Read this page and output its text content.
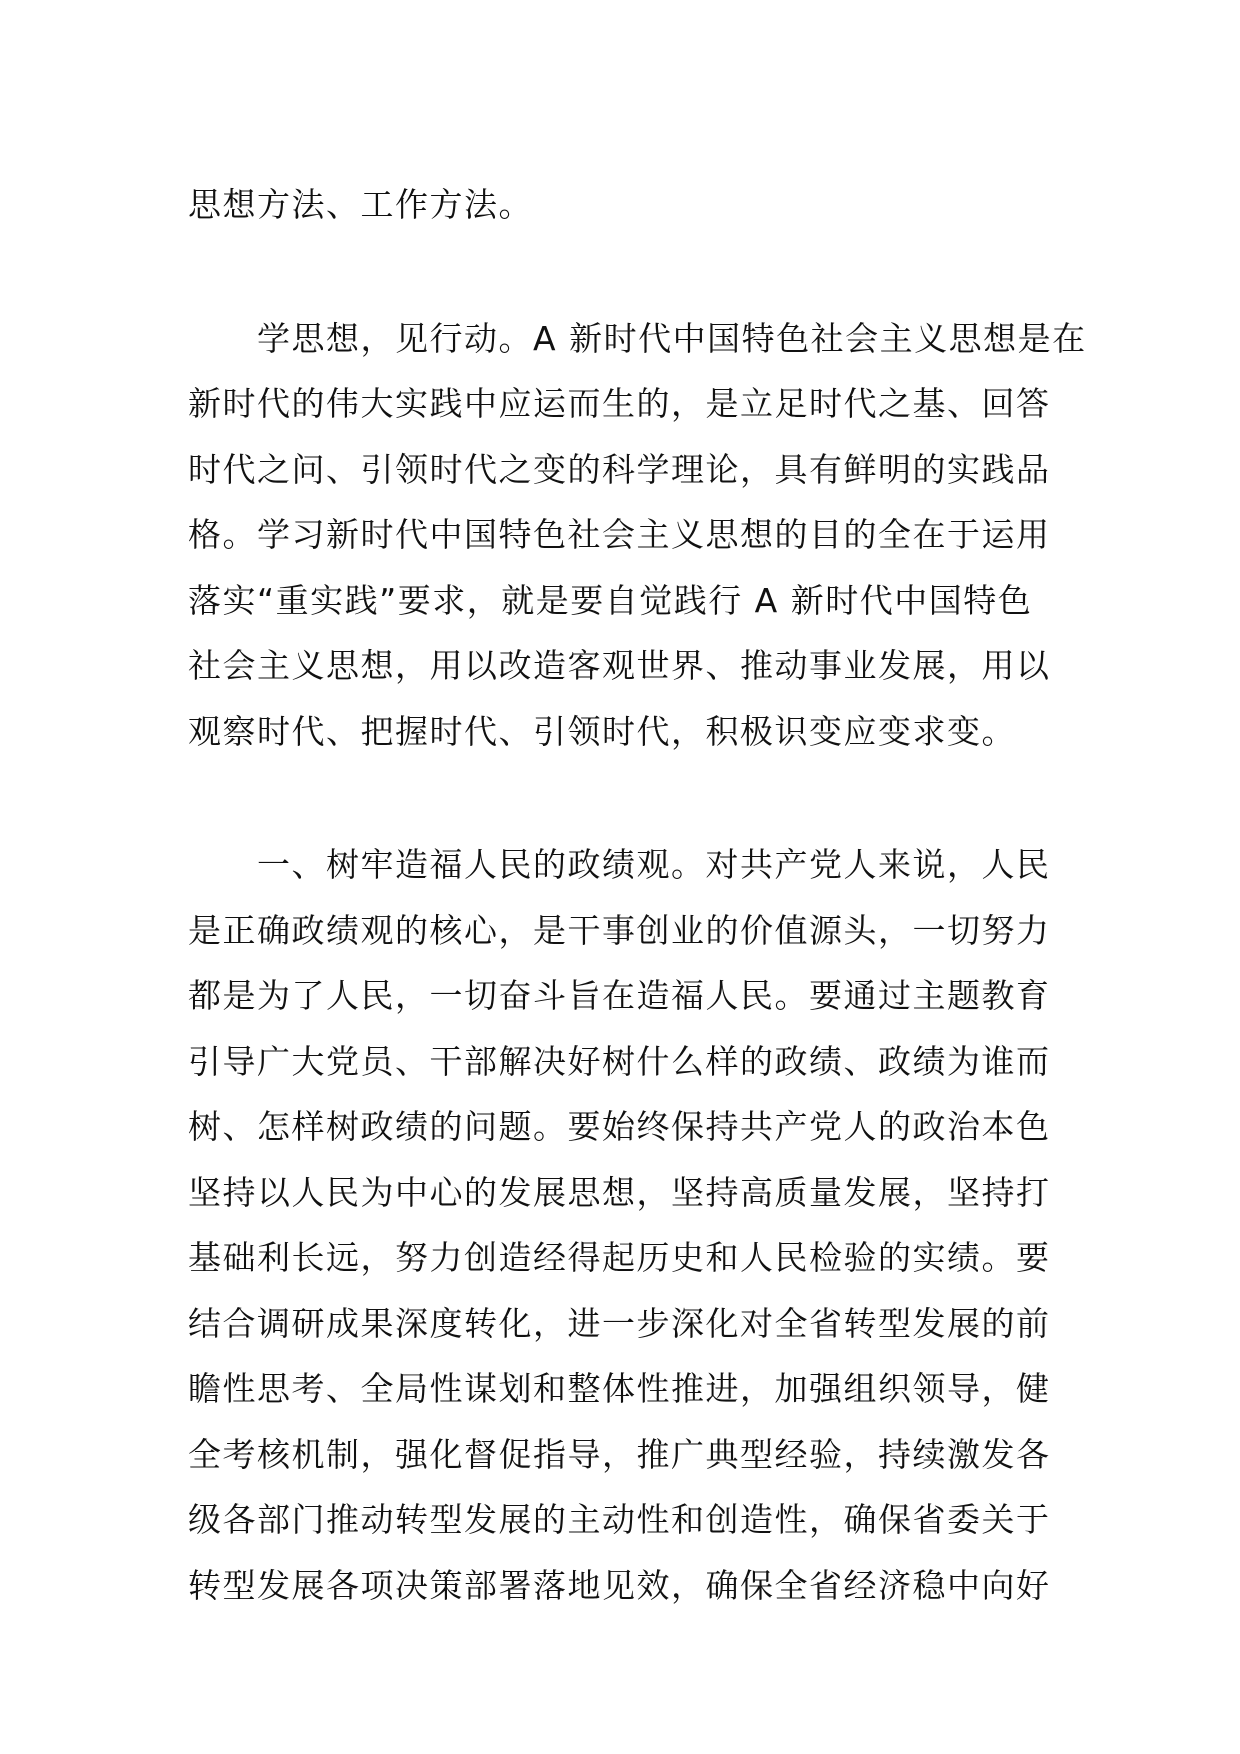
思想方法、工作方法。
　　学思想，见行动。A 新时代中国特色社会主义思想是在
新时代的伟大实践中应运而生的，是立足时代之基、回答
时代之问、引领时代之变的科学理论，具有鲜明的实践品
格。学习新时代中国特色社会主义思想的目的全在于运用
落实“重实践”要求，就是要自觉践行 A 新时代中国特色
社会主义思想，用以改造客观世界、推动事业发展，用以
观察时代、把握时代、引领时代，积极识变应变求变。
　　一、树牢造福人民的政绩观。对共产党人来说，人民
是正确政绩观的核心，是干事创业的价值源头，一切努力
都是为了人民，一切奋斗旨在造福人民。要通过主题教育
引导广大党员、干部解决好树什么样的政绩、政绩为谁而
树、怎样树政绩的问题。要始终保持共产党人的政治本色
坚持以人民为中心的发展思想，坚持高质量发展，坚持打
基础利长远，努力创造经得起历史和人民检验的实绩。要
结合调研成果深度转化，进一步深化对全省转型发展的前
瞻性思考、全局性谋划和整体性推进，加强组织领导，健
全考核机制，强化督促指导，推广典型经验，持续激发各
级各部门推动转型发展的主动性和创造性，确保省委关于
转型发展各项决策部署落地见效，确保全省经济稳中向好
